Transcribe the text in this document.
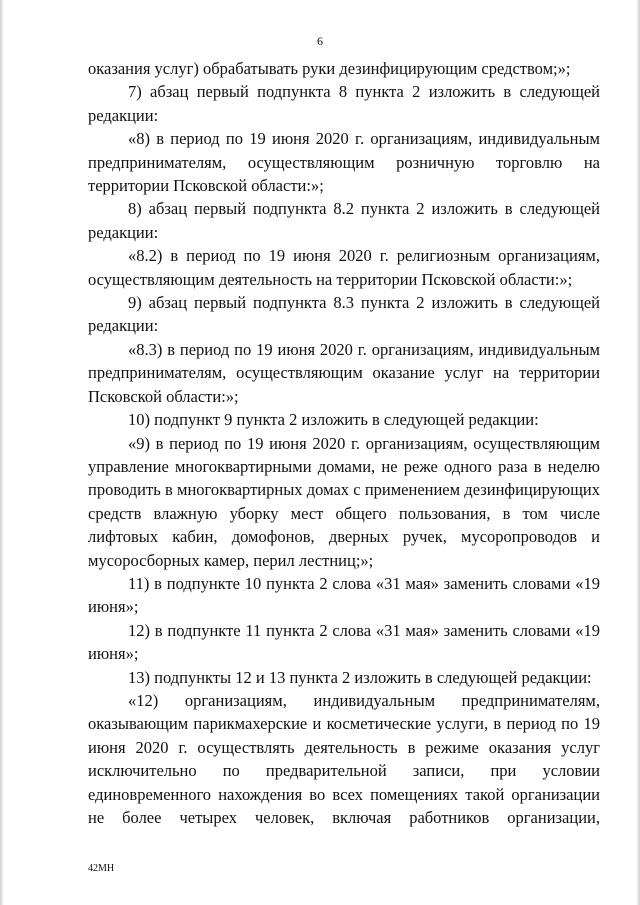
6

оказания услуг) обрабатывать руки дезинфицирующим средством;»;

7) абзац первый подпункта 8 пункта 2 изложить в следующей редакции:

«8) в период по 19 июня 2020 г. организациям, индивидуальным предпринимателям, осуществляющим розничную торговлю на территории Псковской области:»;

8) абзац первый подпункта 8.2 пункта 2 изложить в следующей редакции:

«8.2) в период по 19 июня 2020 г. религиозным организациям, осуществляющим деятельность на территории Псковской области:»;

9) абзац первый подпункта 8.3 пункта 2 изложить в следующей редакции:

«8.3) в период по 19 июня 2020 г. организациям, индивидуальным предпринимателям, осуществляющим оказание услуг на территории Псковской области:»;

10) подпункт 9 пункта 2 изложить в следующей редакции:

«9) в период по 19 июня 2020 г. организациям, осуществляющим управление многоквартирными домами, не реже одного раза в неделю проводить в многоквартирных домах с применением дезинфицирующих средств влажную уборку мест общего пользования, в том числе лифтовых кабин, домофонов, дверных ручек, мусоропроводов и мусоросборных камер, перил лестниц;»;

11) в подпункте 10 пункта 2 слова «31 мая» заменить словами «19 июня»;

12) в подпункте 11 пункта 2 слова «31 мая» заменить словами «19 июня»;

13) подпункты 12 и 13 пункта 2 изложить в следующей редакции:

«12) организациям, индивидуальным предпринимателям, оказывающим парикмахерские и косметические услуги, в период по 19 июня 2020 г. осуществлять деятельность в режиме оказания услуг исключительно по предварительной записи, при условии единовременного нахождения во всех помещениях такой организации не более четырех человек, включая работников организации,

42МН
